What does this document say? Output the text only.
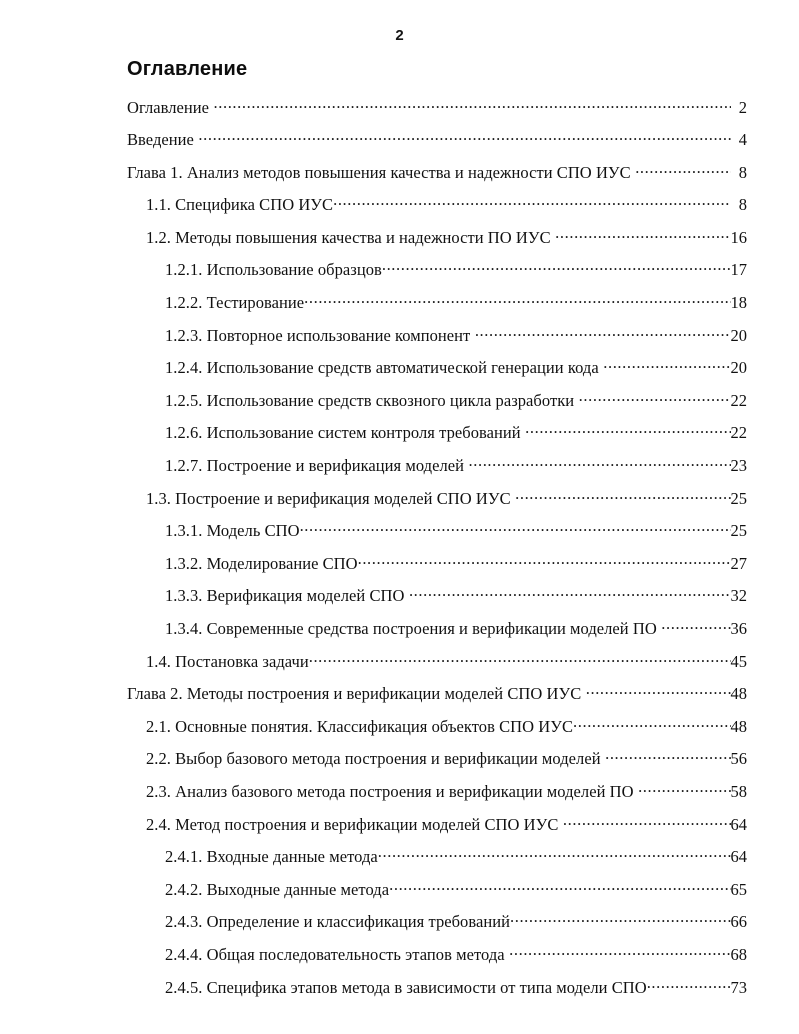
2
Оглавление
Оглавление .....	2
Введение .....	4
Глава 1. Анализ методов повышения качества и надежности СПО ИУС .....	8
1.1. Специфика СПО ИУС .....	8
1.2. Методы повышения качества и надежности ПО ИУС .....	16
1.2.1. Использование образцов .....	17
1.2.2. Тестирование .....	18
1.2.3. Повторное использование компонент .....	20
1.2.4. Использование средств автоматической генерации кода .....	20
1.2.5. Использование средств сквозного цикла разработки .....	22
1.2.6. Использование систем контроля требований .....	22
1.2.7. Построение и верификация моделей .....	23
1.3. Построение и верификация моделей СПО ИУС .....	25
1.3.1. Модель СПО .....	25
1.3.2. Моделирование СПО .....	27
1.3.3. Верификация моделей СПО .....	32
1.3.4. Современные средства построения и верификации моделей ПО .....	36
1.4. Постановка задачи .....	45
Глава 2. Методы построения и верификации моделей СПО ИУС .....	48
2.1. Основные понятия. Классификация объектов СПО ИУС .....	48
2.2. Выбор базового метода построения и верификации моделей .....	56
2.3. Анализ базового метода построения и верификации моделей ПО .....	58
2.4. Метод построения и верификации моделей СПО ИУС .....	64
2.4.1. Входные данные метода .....	64
2.4.2. Выходные данные метода .....	65
2.4.3. Определение и классификация требований .....	66
2.4.4. Общая последовательность этапов метода .....	68
2.4.5. Специфика этапов метода в зависимости от типа модели СПО .....	73
